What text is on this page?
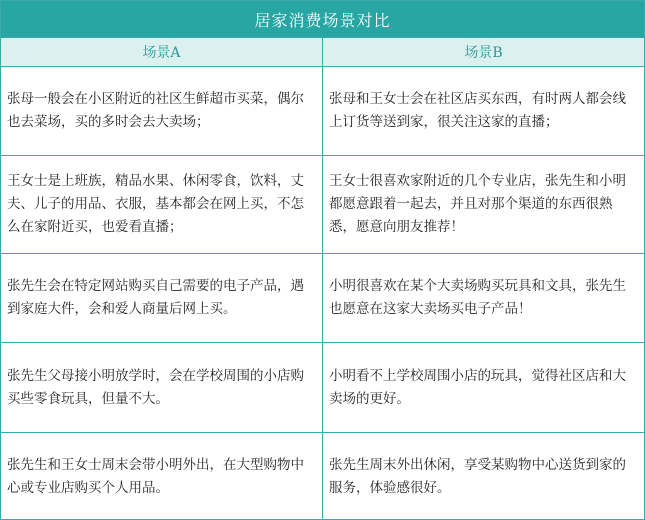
居家消费场景对比
场景A	场景B
张母一般会在小区附近的社区生鲜超市买菜，偶尔也去菜场，买的多时会去大卖场；
张母和王女士会在社区店买东西，有时两人都会线上订货等送到家，很关注这家的直播；
王女士是上班族，精品水果、休闲零食，饮料，丈夫、儿子的用品、衣服，基本都会在网上买，不怎么在家附近买，也爱看直播；
王女士很喜欢家附近的几个专业店，张先生和小明都愿意跟着一起去，并且对那个渠道的东西很熟悉，愿意向朋友推荐！
张先生会在特定网站购买自己需要的电子产品，遇到家庭大件，会和爱人商量后网上买。
小明很喜欢在某个大卖场购买玩具和文具，张先生也愿意在这家大卖场买电子产品！
张先生父母接小明放学时，会在学校周围的小店购买些零食玩具，但量不大。
小明看不上学校周围小店的玩具，觉得社区店和大卖场的更好。
张先生和王女士周末会带小明外出，在大型购物中心或专业店购买个人用品。
张先生周末外出休闲，享受某购物中心送货到家的服务，体验感很好。
